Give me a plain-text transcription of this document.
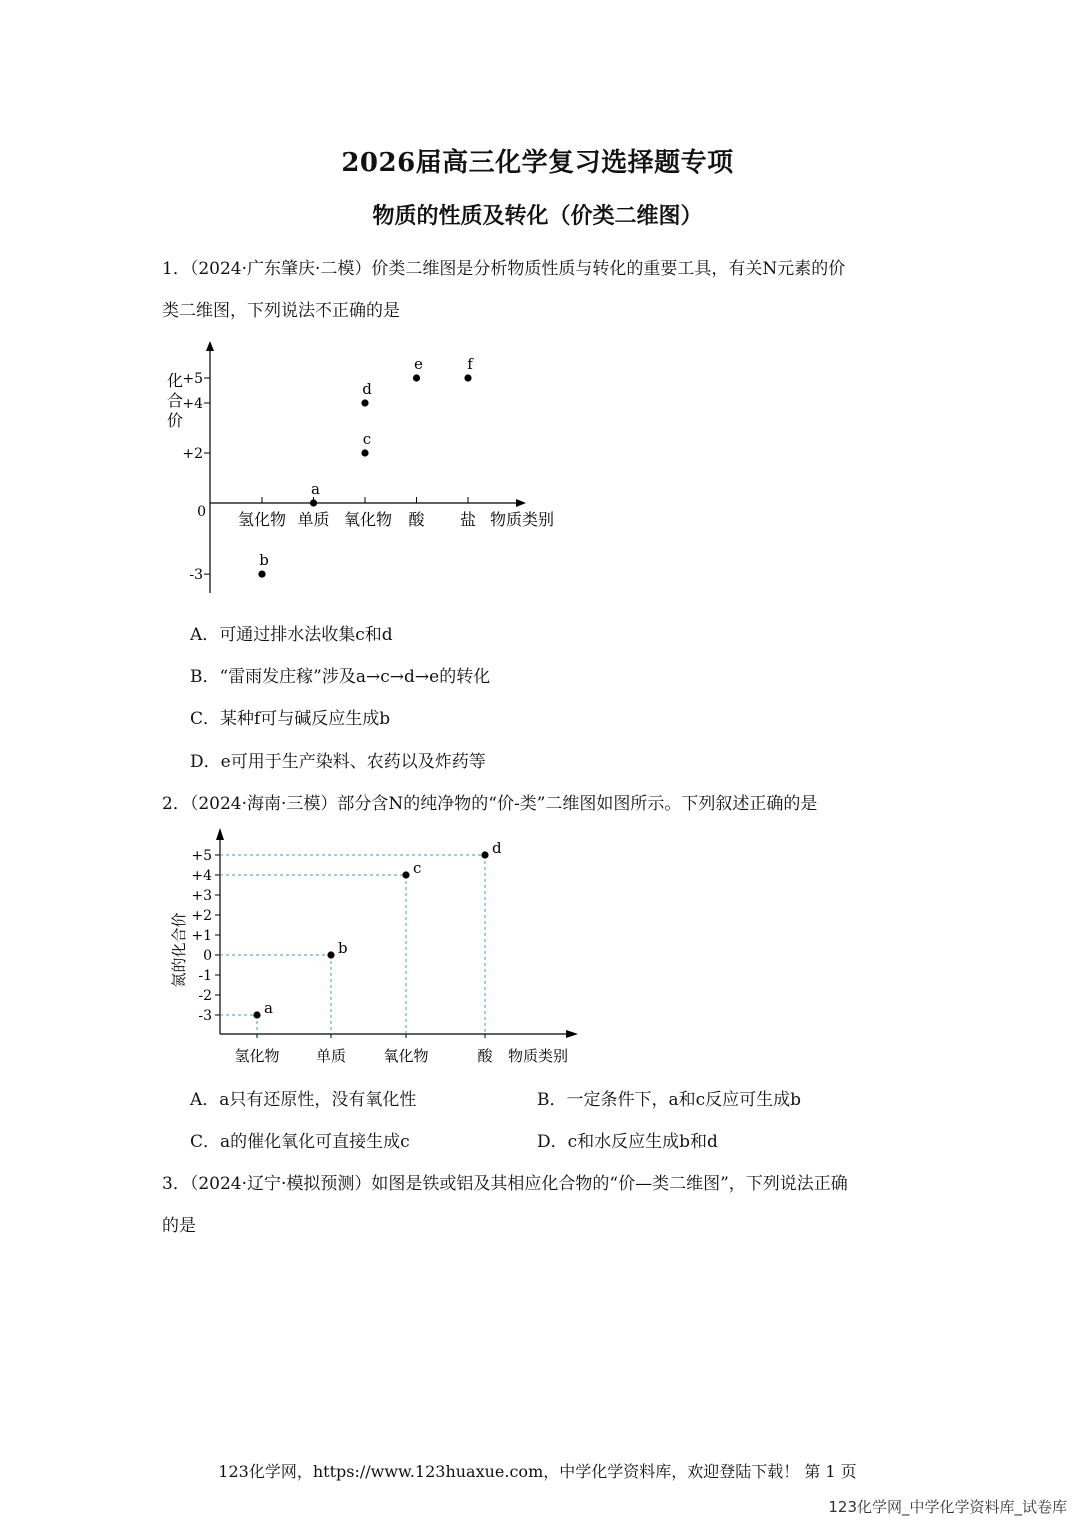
2026届高三化学复习选择题专项
物质的性质及转化（价类二维图）
1．（2024·广东肇庆·二模）价类二维图是分析物质性质与转化的重要工具，有关N元素的价
类二维图，下列说法不正确的是
化
合
价
+5
+4
+2
0
-3
氢化物 单质 氧化物 酸 盐 物质类别
a
b
c
d
e	f
A．可通过排水法收集c和d
B．“雷雨发庄稼”涉及a→c→d→e的转化
C．某种f可与碱反应生成b
D．e可用于生产染料、农药以及炸药等
2．（2024·海南·三模）部分含N的纯净物的“价-类”二维图如图所示。下列叙述正确的是
氮的化合价
+5
+4
+3
+2
+1
0
-1
-2
-3
氢化物 单质 氧化物	酸 物质类别
a
b
c
d
A．a只有还原性，没有氧化性	B．一定条件下，a和c反应可生成b
C．a的催化氧化可直接生成c	D．c和水反应生成b和d
3．（2024·辽宁·模拟预测）如图是铁或铝及其相应化合物的“价—类二维图”，下列说法正确
的是
123化学网，https://www.123huaxue.com，中学化学资料库，欢迎登陆下载！ 第 1 页
123化学网_中学化学资料库_试卷库
